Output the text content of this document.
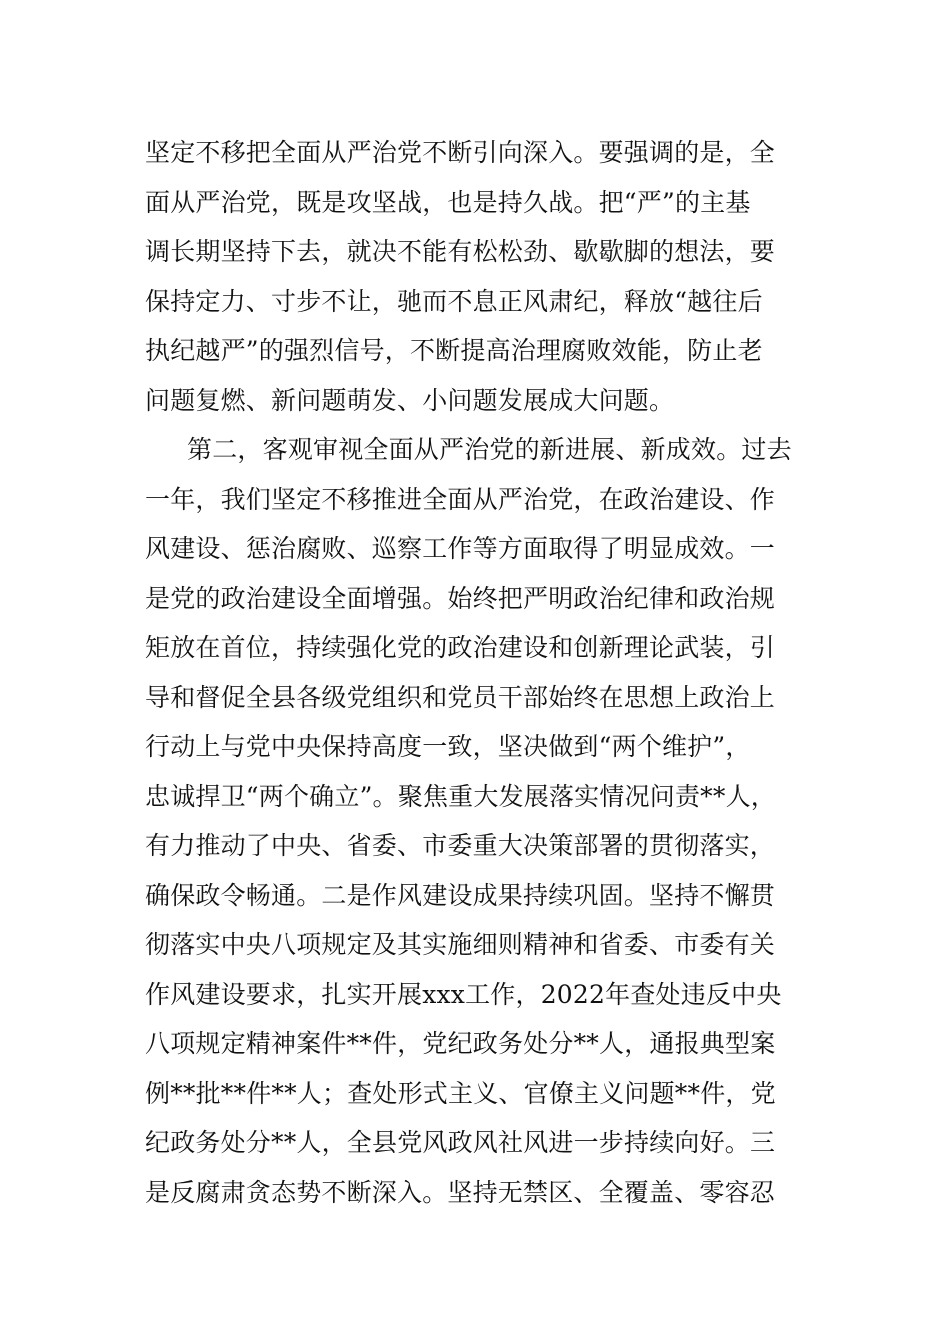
坚定不移把全面从严治党不断引向深入。要强调的是，全
面从严治党，既是攻坚战，也是持久战。把“严”的主基
调长期坚持下去，就决不能有松松劲、歇歇脚的想法，要
保持定力、寸步不让，驰而不息正风肃纪，释放“越往后
执纪越严”的强烈信号，不断提高治理腐败效能，防止老
问题复燃、新问题萌发、小问题发展成大问题。
第二，客观审视全面从严治党的新进展、新成效。过去
一年，我们坚定不移推进全面从严治党，在政治建设、作
风建设、惩治腐败、巡察工作等方面取得了明显成效。一
是党的政治建设全面增强。始终把严明政治纪律和政治规
矩放在首位，持续强化党的政治建设和创新理论武装，引
导和督促全县各级党组织和党员干部始终在思想上政治上
行动上与党中央保持高度一致，坚决做到“两个维护”，
忠诚捍卫“两个确立”。聚焦重大发展落实情况问责**人，
有力推动了中央、省委、市委重大决策部署的贯彻落实，
确保政令畅通。二是作风建设成果持续巩固。坚持不懈贯
彻落实中央八项规定及其实施细则精神和省委、市委有关
作风建设要求，扎实开展xxx工作，2022年查处违反中央
八项规定精神案件**件，党纪政务处分**人，通报典型案
例**批**件**人；查处形式主义、官僚主义问题**件，党
纪政务处分**人，全县党风政风社风进一步持续向好。三
是反腐肃贪态势不断深入。坚持无禁区、全覆盖、零容忍
